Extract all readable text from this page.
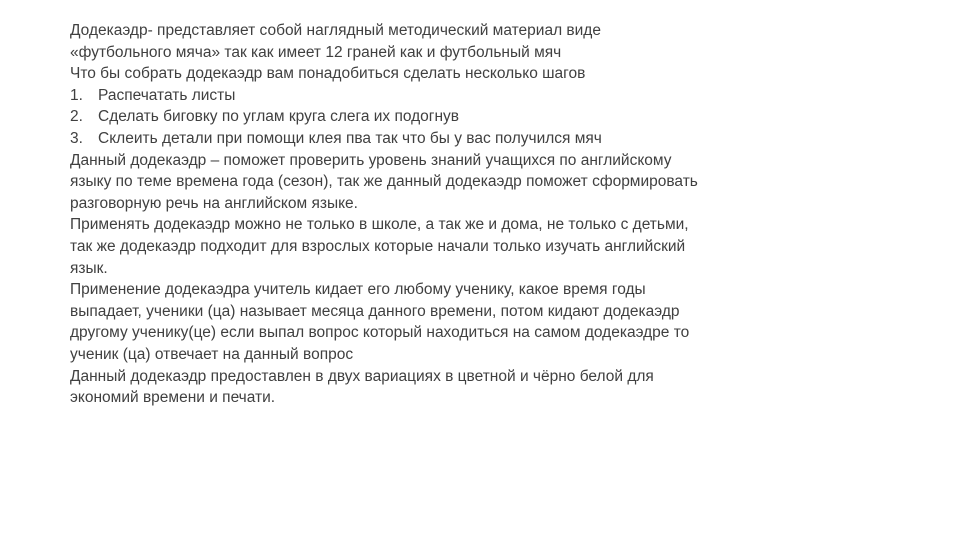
Додекаэдр- представляет собой наглядный методический материал виде
«футбольного мяча» так как имеет 12 граней как и футбольный мяч
Что бы собрать додекаэдр вам понадобиться сделать несколько шагов
1. Распечатать листы
2. Сделать биговку по углам круга слега их подогнув
3. Склеить детали при помощи клея пва так что бы у вас получился мяч
Данный додекаэдр – поможет проверить уровень знаний учащихся по английскому
языку по теме времена года (сезон), так же данный додекаэдр поможет сформировать
разговорную речь на английском языке.
Применять додекаэдр можно не только в школе, а так же и дома, не только с детьми,
так же додекаэдр подходит для взрослых которые начали только изучать английский
язык.
Применение додекаэдра учитель кидает его любому ученику, какое время годы
выпадает, ученики (ца) называет месяца данного времени, потом кидают додекаэдр
другому ученику(це) если выпал вопрос который находиться на самом додекаэдре то
ученик (ца) отвечает на данный вопрос
Данный додекаэдр предоставлен в двух вариациях в цветной и чёрно белой для
экономий времени и печати.
